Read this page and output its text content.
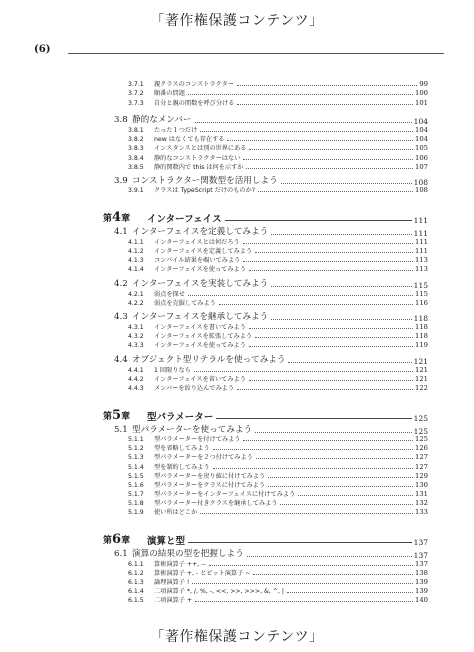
「著作権保護コンテンツ」
(6)
3.7.1	親クラスのコンストラクター	99
3.7.2	順番の問題	100
3.7.3	自分と親の関数を呼び分ける	101
3.8 静的なメンバー	104
3.8.1	たった１つだけ	104
3.8.2	new はなくても存在する	104
3.8.3	インスタンスとは別の世界にある	105
3.8.4	静的なコンストラクターはない	106
3.8.5	静的関数内で this は何を示すか	107
3.9 コンストラクター関数型を活用しよう	108
3.9.1	クラスは TypeScript だけのものか?	108
第4章	インターフェイス	111
4.1 インターフェイスを定義してみよう	111
4.1.1	インターフェイスとは何だろう	111
4.1.2	インターフェイスを定義してみよう	111
4.1.3	コンパイル結果を覗いてみよう	113
4.1.4	インターフェイスを使ってみよう	113
4.2 インターフェイスを実装してみよう	115
4.2.1	弱点を探せ	115
4.2.2	弱点を克服してみよう	116
4.3 インターフェイスを継承してみよう	118
4.3.1	インターフェイスを書いてみよう	118
4.3.2	インターフェイスを拡張してみよう	118
4.3.3	インターフェイスを使ってみよう	119
4.4 オブジェクト型リテラルを使ってみよう	121
4.4.1	1 回限りなら	121
4.4.2	インターフェイスを省いてみよう	121
4.4.3	メンバーを絞り込んでみよう	122
第5章	型パラメーター	125
5.1 型パラメーターを使ってみよう	125
5.1.1	型パラメーターを付けてみよう	125
5.1.2	型を省略してみよう	126
5.1.3	型パラメーターを２つ付けてみよう	127
5.1.4	型を制約してみよう	127
5.1.5	型パラメーターを戻り値に付けてみよう	129
5.1.6	型パラメーターをクラスに付けてみよう	130
5.1.7	型パラメーターをインターフェイスに付けてみよう	131
5.1.8	型パラメーター付きクラスを継承してみよう	132
5.1.9	使い所はどこか	133
第6章	演算と型	137
6.1 演算の結果の型を把握しよう	137
6.1.1	算術演算子 ++, --	137
6.1.2	算術演算子 +, - とビット演算子 ~	138
6.1.3	論理演算子 !	139
6.1.4	二項演算子 *, /, %, -, <<, >>, >>>, &, ^, |	139
6.1.5	二項演算子 +	140
「著作権保護コンテンツ」
